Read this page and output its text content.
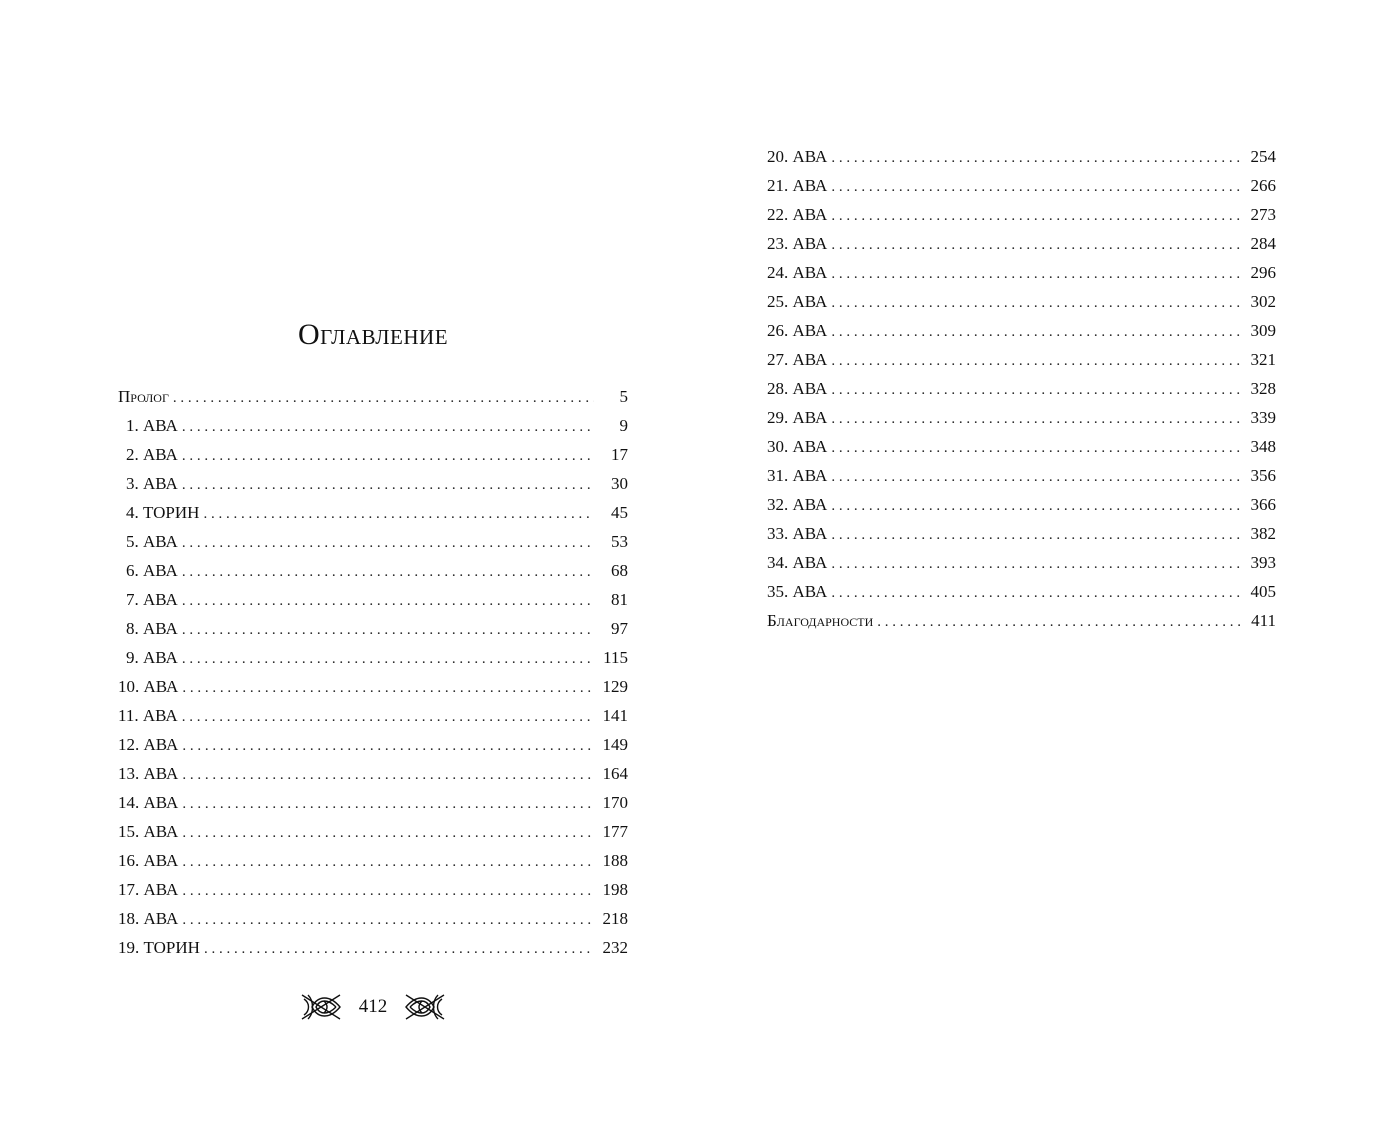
Оглавление
Пролог . . .	5
1. АВА . . .	9
2. АВА . . .	17
3. АВА . . .	30
4. ТОРИН . . .	45
5. АВА . . .	53
6. АВА . . .	68
7. АВА . . .	81
8. АВА . . .	97
9. АВА . . .	115
10. АВА . . .	129
11. АВА . . .	141
12. АВА . . .	149
13. АВА . . .	164
14. АВА . . .	170
15. АВА . . .	177
16. АВА . . .	188
17. АВА . . .	198
18. АВА . . .	218
19. ТОРИН . . .	232
412
20. АВА . . .	254
21. АВА . . .	266
22. АВА . . .	273
23. АВА . . .	284
24. АВА . . .	296
25. АВА . . .	302
26. АВА . . .	309
27. АВА . . .	321
28. АВА . . .	328
29. АВА . . .	339
30. АВА . . .	348
31. АВА . . .	356
32. АВА . . .	366
33. АВА . . .	382
34. АВА . . .	393
35. АВА . . .	405
Благодарности . . .	411
